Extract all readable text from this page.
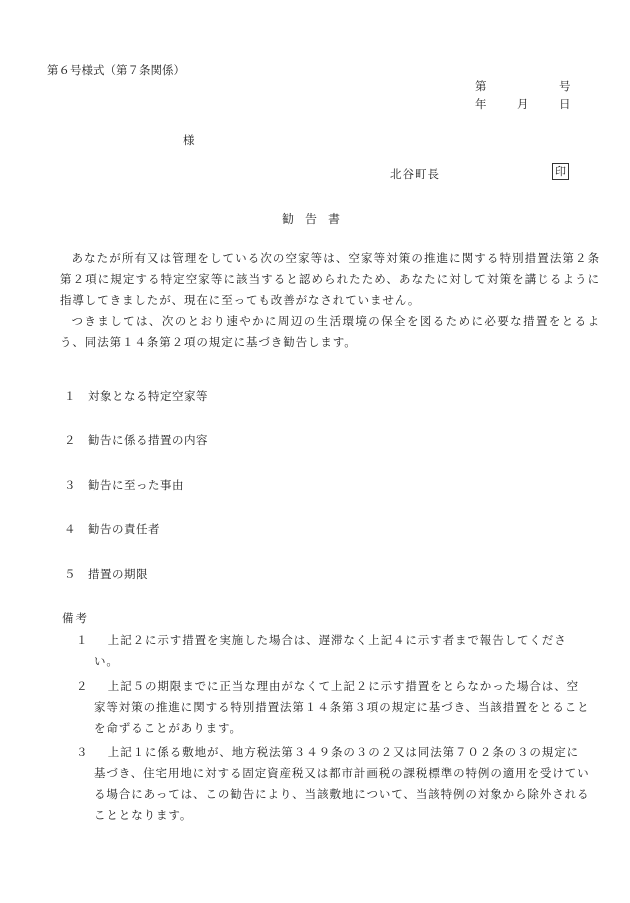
第６号様式（第７条関係）
第	号
年	月	日
様
北谷町長	印
勧告書

あなたが所有又は管理をしている次の空家等は、空家等対策の推進に関する特別措置法第２条第２項に規定する特定空家等に該当すると認められたため、あなたに対して対策を講じるように指導してきましたが、現在に至っても改善がなされていません。

つきましては、次のとおり速やかに周辺の生活環境の保全を図るために必要な措置をとるよう、同法第１４条第２項の規定に基づき勧告します。

１ 対象となる特定空家等
２ 勧告に係る措置の内容
３ 勧告に至った事由
４ 勧告の責任者
５ 措置の期限
備考
１	上記２に示す措置を実施した場合は、遅滞なく上記４に示す者まで報告してください。
２	上記５の期限までに正当な理由がなくて上記２に示す措置をとらなかった場合は、空家等対策の推進に関する特別措置法第１４条第３項の規定に基づき、当該措置をとることを命ずることがあります。
３	上記１に係る敷地が、地方税法第３４９条の３の２又は同法第７０２条の３の規定に基づき、住宅用地に対する固定資産税又は都市計画税の課税標準の特例の適用を受けている場合にあっては、この勧告により、当該敷地について、当該特例の対象から除外されることとなります。
